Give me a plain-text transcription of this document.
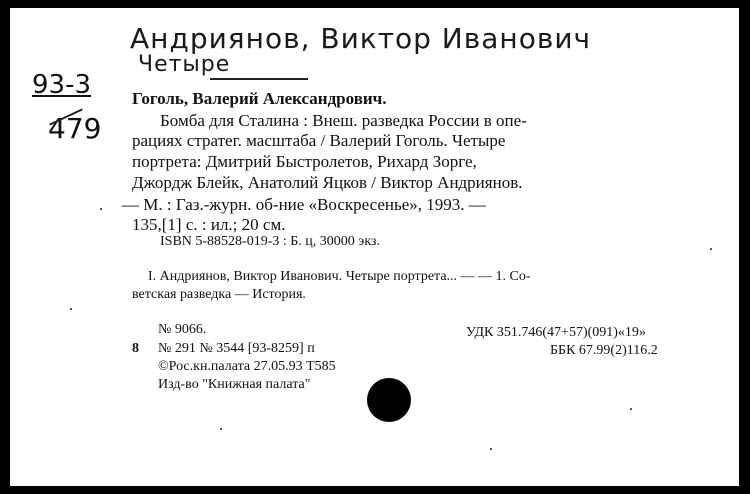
Андриянов, Виктор Иванович
Четыре
93-3
479
Гоголь, Валерий Александрович.
Бомба для Сталина : Внеш. разведка России в опе-
рациях стратег. масштаба / Валерий Гоголь. Четыре
портрета: Дмитрий Быстролетов, Рихард Зорге,
Джордж Блейк, Анатолий Яцков / Виктор Андриянов.
— М. : Газ.-журн. об-ние «Воскресенье», 1993. —
135,[1] с. : ил.; 20 см.
ISBN 5-88528-019-3 : Б. ц, 30000 экз.
I. Андриянов, Виктор Иванович. Четыре портрета... — — 1. Со-
ветская разведка — История.
№ 9066.	УДК 351.746(47+57)(091)«19»
8 № 291 № 3544 [93-8259] п	ББК 67.99(2)116.2
©Рос.кн.палата 27.05.93 Т585
Изд-во "Книжная палата"
